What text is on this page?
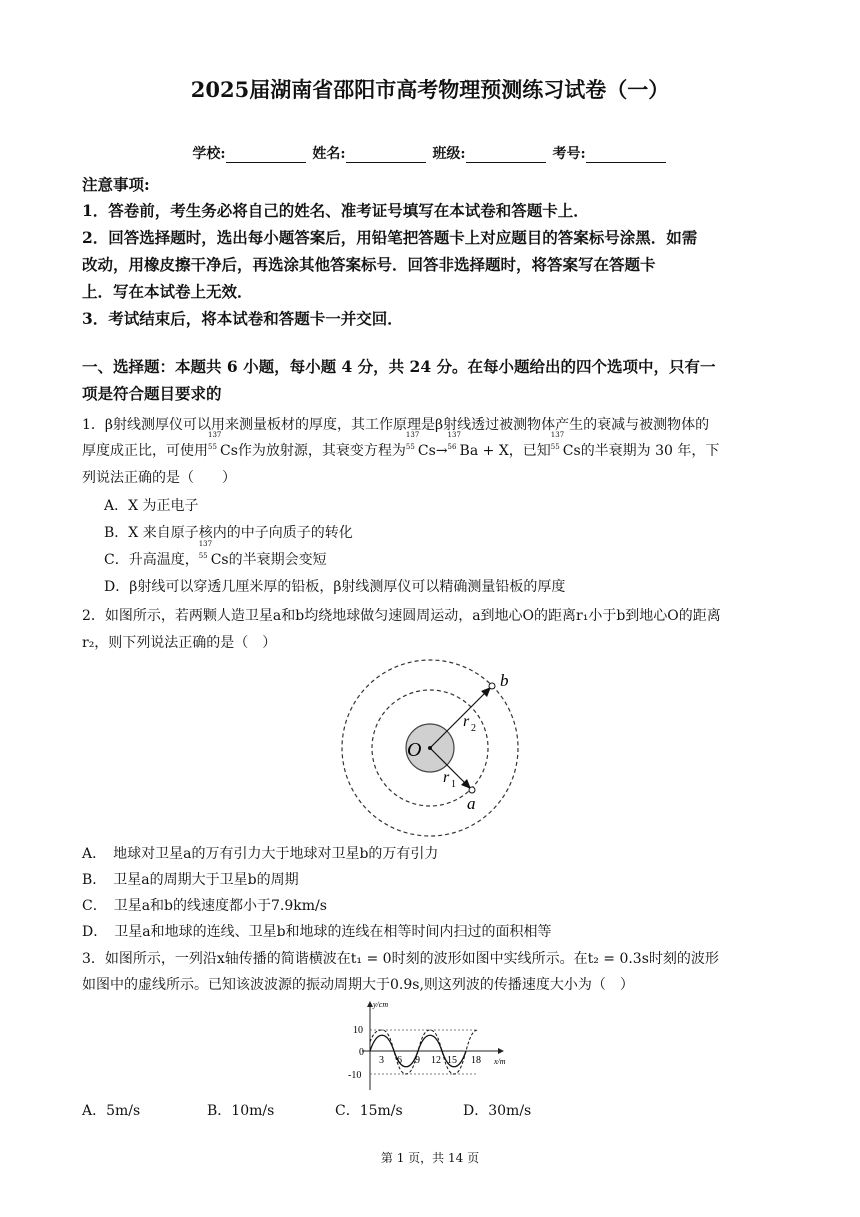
2025届湖南省邵阳市高考物理预测练习试卷（一）
学校:	姓名:	班级:	考号:
注意事项:
1．答卷前，考生务必将自己的姓名、准考证号填写在本试卷和答题卡上．
2．回答选择题时，选出每小题答案后，用铅笔把答题卡上对应题目的答案标号涂黑．如需
改动，用橡皮擦干净后，再选涂其他答案标号．回答非选择题时，将答案写在答题卡
上．写在本试卷上无效．
3．考试结束后，将本试卷和答题卡一并交回．
一、选择题：本题共 6 小题，每小题 4 分，共 24 分。在每小题给出的四个选项中，只有一
项是符合题目要求的
1．β射线测厚仪可以用来测量板材的厚度，其工作原理是β射线透过被测物体产生的衰减与被测物体的
厚度成正比，可使用
137
55 Cs作为放射源，其衰变方程为
137
55 Cs→
137
56 Ba + X，已知
137
55 Cs的半衰期为 30 年，下
列说法正确的是（　　）
A．X 为正电子
B．X 来自原子核内的中子向质子的转化
C．升高温度，
137
55 Cs的半衰期会变短
D．β射线可以穿透几厘米厚的铅板，β射线测厚仪可以精确测量铅板的厚度
2．如图所示，若两颗人造卫星a和b均绕地球做匀速圆周运动，a到地心O的距离r₁小于b到地心O的距离
r₂，则下列说法正确的是（　）
O
b
a
r 2
r 1
A．　地球对卫星a的万有引力大于地球对卫星b的万有引力
B．　卫星a的周期大于卫星b的周期
C．　卫星a和b的线速度都小于7.9km/s
D．　卫星a和地球的连线、卫星b和地球的连线在相等时间内扫过的面积相等
3．如图所示，一列沿x轴传播的简谐横波在t₁ = 0时刻的波形如图中实线所示。在t₂ = 0.3s时刻的波形
如图中的虚线所示。已知该波波源的振动周期大于0.9s,则这列波的传播速度大小为（　）
y/cm
x/m
10
0
-10
3 6 9 12 15 18
A．5m/s	B．10m/s	C．15m/s	D．30m/s
第 1 页，共 14 页
